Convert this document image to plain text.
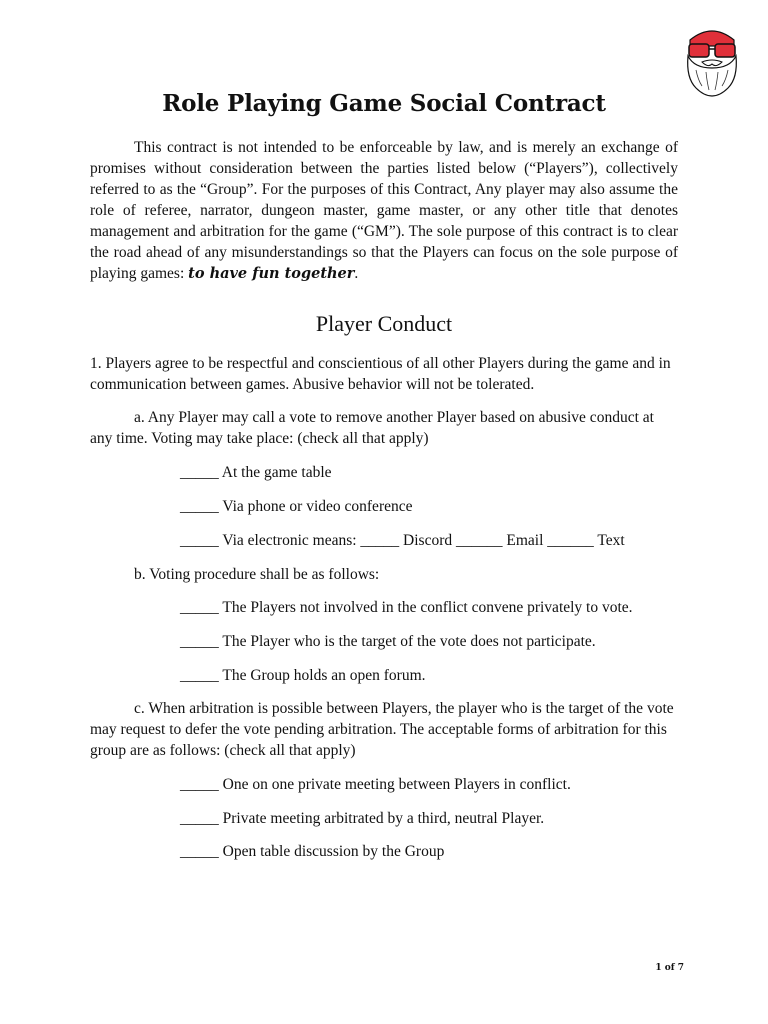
Role Playing Game Social Contract
This contract is not intended to be enforceable by law, and is merely an exchange of promises without consideration between the parties listed below (“Players”), collectively referred to as the “Group”. For the purposes of this Contract, Any player may also assume the role of referee, narrator, dungeon master, game master, or any other title that denotes management and arbitration for the game (“GM”). The sole purpose of this contract is to clear the road ahead of any misunderstandings so that the Players can focus on the sole purpose of playing games: to have fun together.
Player Conduct
1. Players agree to be respectful and conscientious of all other Players during the game and in communication between games. Abusive behavior will not be tolerated.
a. Any Player may call a vote to remove another Player based on abusive conduct at any time. Voting may take place: (check all that apply)
_____ At the game table
_____ Via phone or video conference
_____ Via electronic means: _____ Discord ______ Email ______ Text
b. Voting procedure shall be as follows:
_____ The Players not involved in the conflict convene privately to vote.
_____ The Player who is the target of the vote does not participate.
_____ The Group holds an open forum.
c. When arbitration is possible between Players, the player who is the target of the vote may request to defer the vote pending arbitration. The acceptable forms of arbitration for this group are as follows: (check all that apply)
_____ One on one private meeting between Players in conflict.
_____ Private meeting arbitrated by a third, neutral Player.
_____ Open table discussion by the Group
1 of 7
